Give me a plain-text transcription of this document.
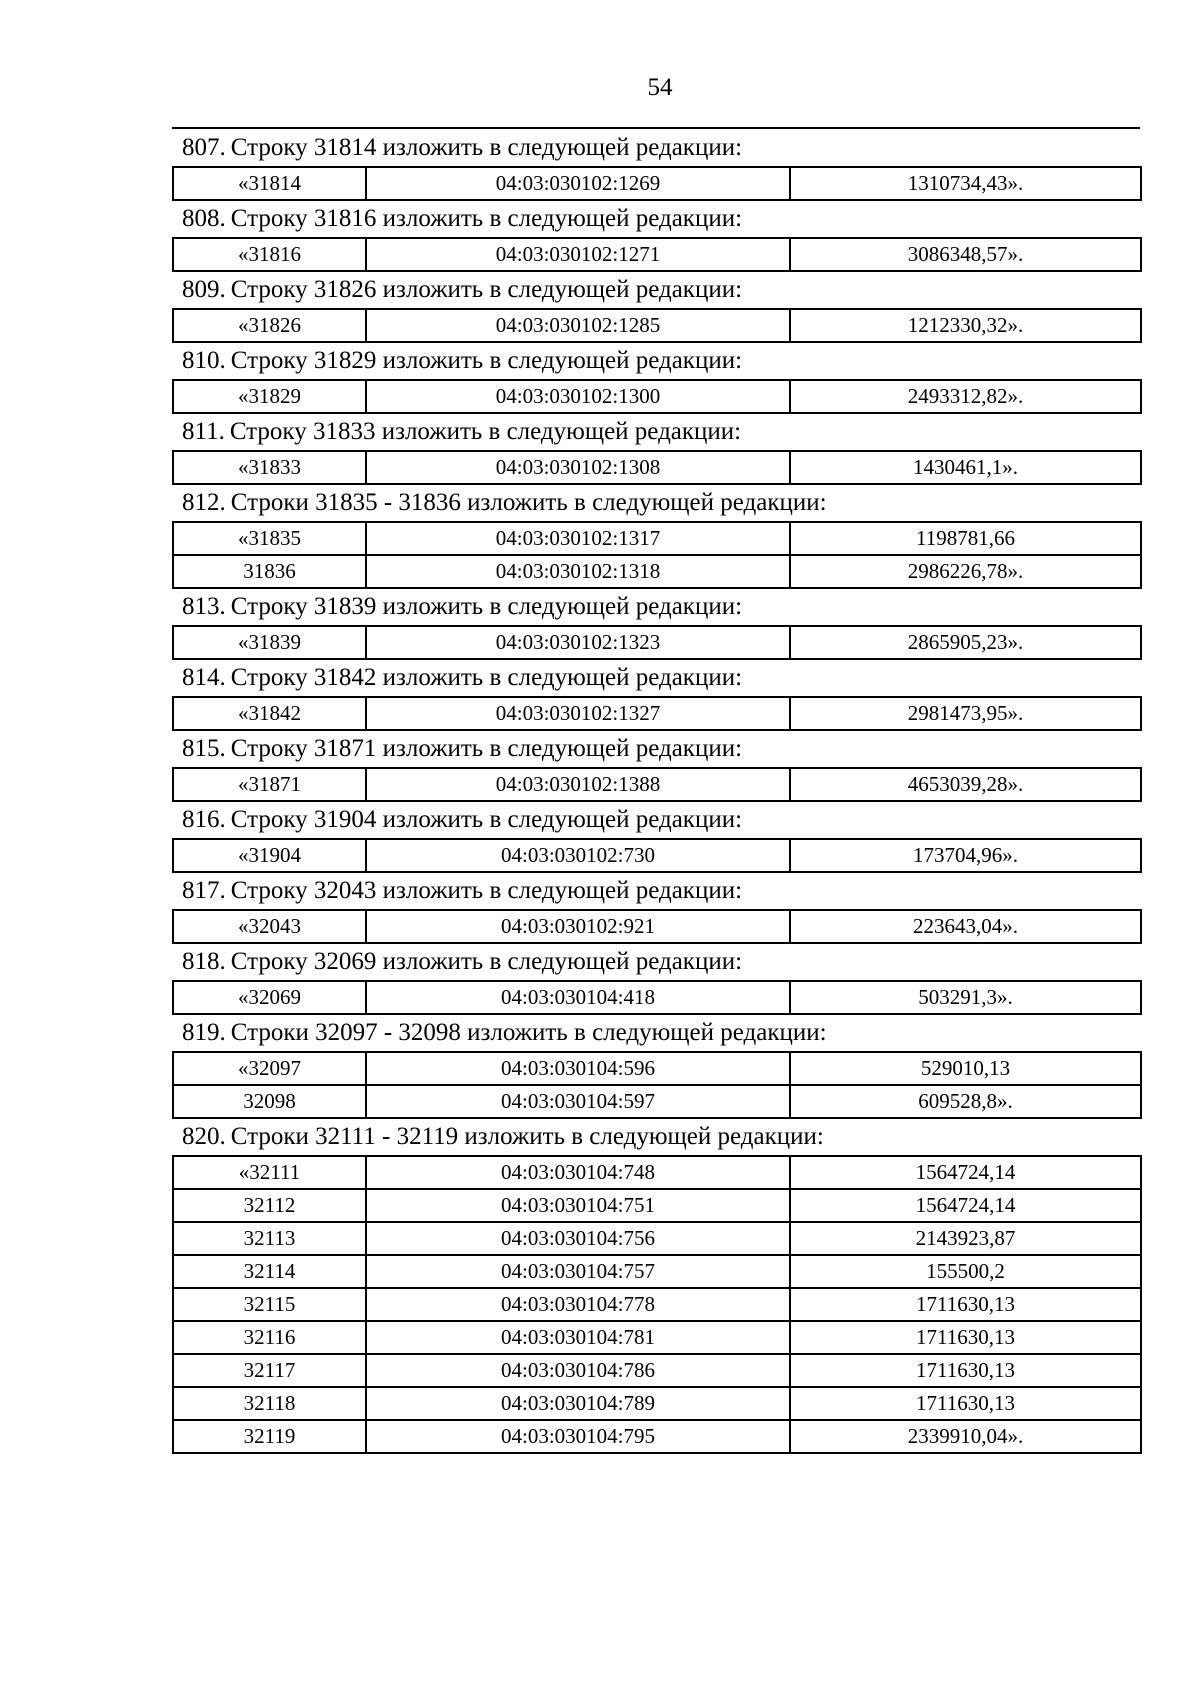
54
807. Строку 31814 изложить в следующей редакции:
«31814	04:03:030102:1269	1310734,43».
808. Строку 31816 изложить в следующей редакции:
«31816	04:03:030102:1271	3086348,57».
809. Строку 31826 изложить в следующей редакции:
«31826	04:03:030102:1285	1212330,32».
810. Строку 31829 изложить в следующей редакции:
«31829	04:03:030102:1300	2493312,82».
811. Строку 31833 изложить в следующей редакции:
«31833	04:03:030102:1308	1430461,1».
812. Строки 31835 - 31836 изложить в следующей редакции:
«31835	04:03:030102:1317	1198781,66
31836	04:03:030102:1318	2986226,78».
813. Строку 31839 изложить в следующей редакции:
«31839	04:03:030102:1323	2865905,23».
814. Строку 31842 изложить в следующей редакции:
«31842	04:03:030102:1327	2981473,95».
815. Строку 31871 изложить в следующей редакции:
«31871	04:03:030102:1388	4653039,28».
816. Строку 31904 изложить в следующей редакции:
«31904	04:03:030102:730	173704,96».
817. Строку 32043 изложить в следующей редакции:
«32043	04:03:030102:921	223643,04».
818. Строку 32069 изложить в следующей редакции:
«32069	04:03:030104:418	503291,3».
819. Строки 32097 - 32098 изложить в следующей редакции:
«32097	04:03:030104:596	529010,13
32098	04:03:030104:597	609528,8».
820. Строки 32111 - 32119 изложить в следующей редакции:
«32111	04:03:030104:748	1564724,14
32112	04:03:030104:751	1564724,14
32113	04:03:030104:756	2143923,87
32114	04:03:030104:757	155500,2
32115	04:03:030104:778	1711630,13
32116	04:03:030104:781	1711630,13
32117	04:03:030104:786	1711630,13
32118	04:03:030104:789	1711630,13
32119	04:03:030104:795	2339910,04».
